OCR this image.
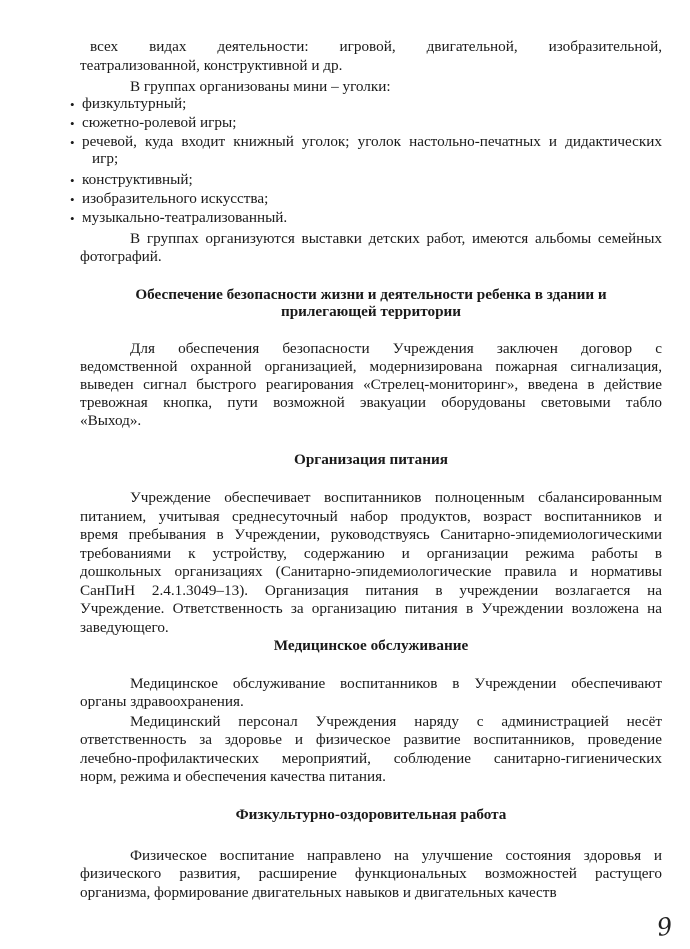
всех видах деятельности: игровой, двигательной, изобразительной,

театрализованной, конструктивной и др.

В группах организованы мини – уголки:

• физкультурный;

• сюжетно-ролевой игры;

• речевой, куда входит книжный уголок; уголок настольно-печатных и дидактических

игр;

• конструктивный;

• изобразительного искусства;

• музыкально-театрализованный.

В группах организуются выставки детских работ, имеются альбомы семейных

фотографий.

Обеспечение безопасности жизни и деятельности ребенка в здании и

прилегающей территории

Для обеспечения безопасности Учреждения заключен договор с

ведомственной охранной организацией, модернизирована пожарная сигнализация,

выведен сигнал быстрого реагирования «Стрелец-мониторинг», введена в действие

тревожная кнопка, пути возможной эвакуации оборудованы световыми табло

«Выход».

Организация питания

Учреждение обеспечивает воспитанников полноценным сбалансированным

питанием, учитывая среднесуточный набор продуктов, возраст воспитанников и

время пребывания в Учреждении, руководствуясь Санитарно-эпидемиологическими

требованиями к устройству, содержанию и организации режима работы в

дошкольных организациях (Санитарно-эпидемиологические правила и нормативы

СанПиН 2.4.1.3049–13). Организация питания в учреждении возлагается на

Учреждение. Ответственность за организацию питания в Учреждении возложена на

заведующего.

Медицинское обслуживание

Медицинское обслуживание воспитанников в Учреждении обеспечивают

органы здравоохранения.

Медицинский персонал Учреждения наряду с администрацией несёт

ответственность за здоровье и физическое развитие воспитанников, проведение

лечебно-профилактических мероприятий, соблюдение санитарно-гигиенических

норм, режима и обеспечения качества питания.

Физкультурно-оздоровительная работа

Физическое воспитание направлено на улучшение состояния здоровья и

физического развития, расширение функциональных возможностей растущего

организма, формирование двигательных навыков и двигательных качеств

9
